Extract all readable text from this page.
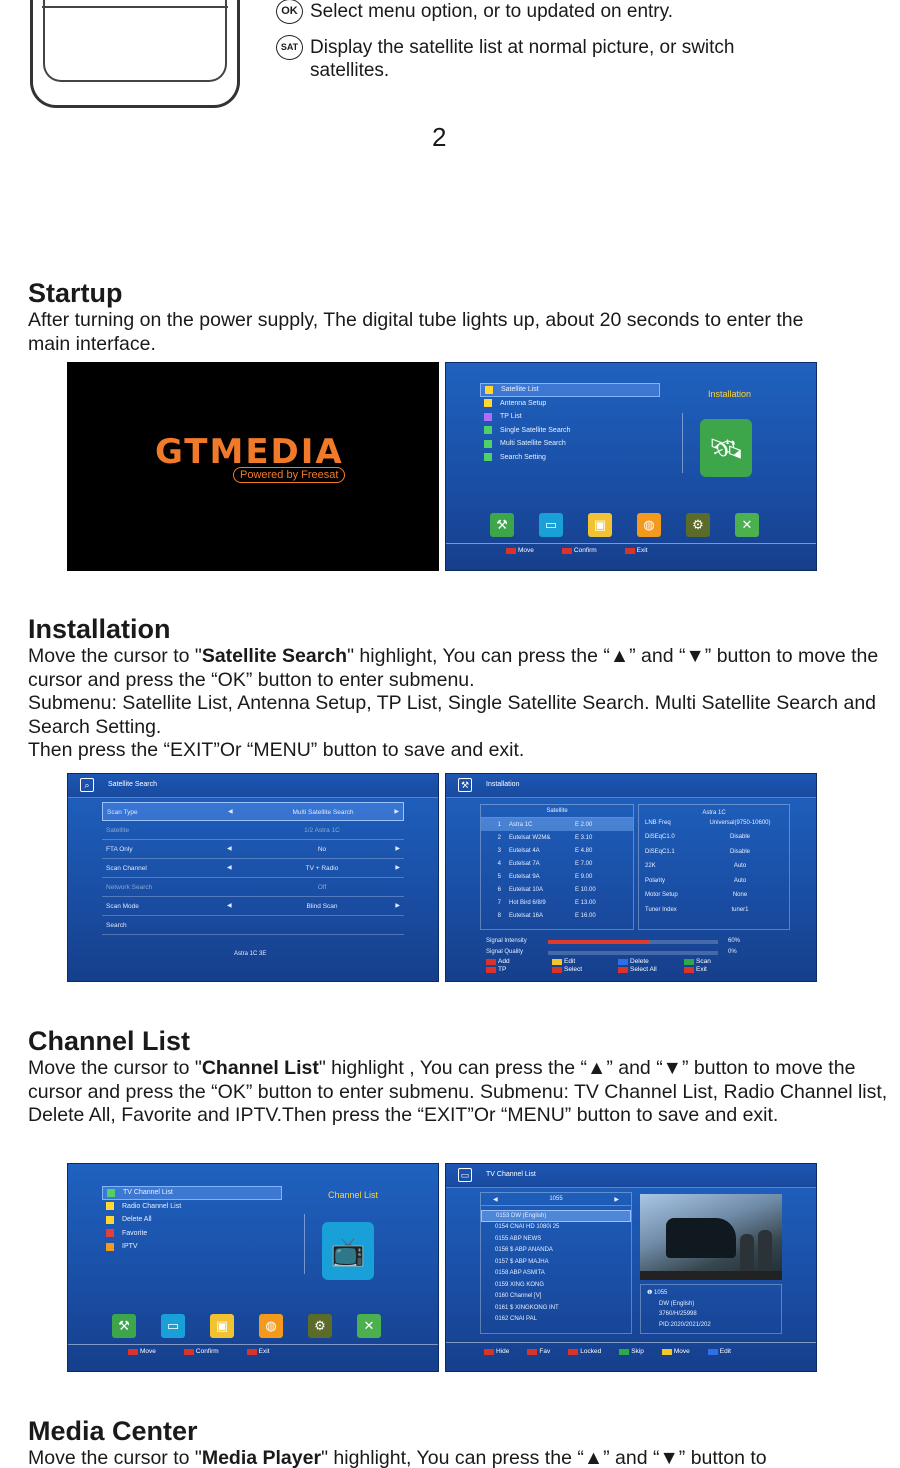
OK Select menu option, or to updated on entry.
SAT Display the satellite list at normal picture, or switch satellites.
2
Startup
After turning on the power supply, The digital tube lights up, about 20 seconds to enter the main interface.
GTMEDIA
Powered by Freesat
Satellite List
Antenna Setup
TP List
Single Satellite Search
Multi Satellite Search
Search Setting
Installation
🛰
⚒	▭	▣	◍	⚙	✕
Move	Confirm	Exit
Installation
Move the cursor to "Satellite Search" highlight, You can press the “▲” and “▼” button to move the cursor and press the “OK” button to enter submenu.
Submenu: Satellite List, Antenna Setup, TP List, Single Satellite Search. Multi Satellite Search and Search Setting.
Then press the “EXIT”Or “MENU” button to save and exit.
⌕	Satellite Search
Scan Type	◀	Multi Satellite Search	▶
Satellite	1/2 Astra 1C
FTA Only	◀	No	▶
Scan Channel	◀	TV + Radio	▶
Network Search	Off
Scan Mode	◀	Blind Scan	▶
Search
Astra 1C 3E
⚒	Installation
Satellite
1 Astra 1C	E 2.00
2 Eutelsat W2M&	E 3.10
3 Eutelsat 4A	E 4.80
4 Eutelsat 7A	E 7.00
5 Eutelsat 9A	E 9.00
6 Eutelsat 10A	E 10.00
7 Hot Bird 6/8/9	E 13.00
8 Eutelsat 16A	E 16.00
Astra 1C
LNB Freq	Universal(9750-10600)
DiSEqC1.0	Disable
DiSEqC1.1	Disable
22K	Auto
Polarity	Auto
Motor Setup	None
Tuner Index	tuner1
Signal Intensity	60%
Signal Quality	0%
Add	Edit	Delete	Scan
TP	Select	Select All	Exit
Channel List
Move the cursor to "Channel List" highlight , You can press the “▲” and “▼” button to move the cursor and press the “OK” button to enter submenu. Submenu: TV Channel List, Radio Channel list, Delete All, Favorite and IPTV.Then press the “EXIT”Or “MENU” button to save and exit.
TV Channel List
Radio Channel List
Delete All
Favorite
IPTV
Channel List
📺
⚒	▭	▣	◍	⚙	✕
Move	Confirm	Exit
▭	TV Channel List
◀	1055	▶
0153 DW (English)
0154 CNAI HD 1080i 25
0155 ABP NEWS
0156 $ ABP ANANDA
0157 $ ABP MAJHA
0158 ABP ASMITA
0159 XING KONG
0160 Channel [V]
0161 $ XINGKONG INT
0162 CNAI PAL
❶ 1055
DW (English)
3760/H/25998
PID:2020/2021/202
Hide	Fav	Locked	Skip	Move	Edit
Media Center
Move the cursor to "Media Player" highlight, You can press the “▲” and “▼” button to
